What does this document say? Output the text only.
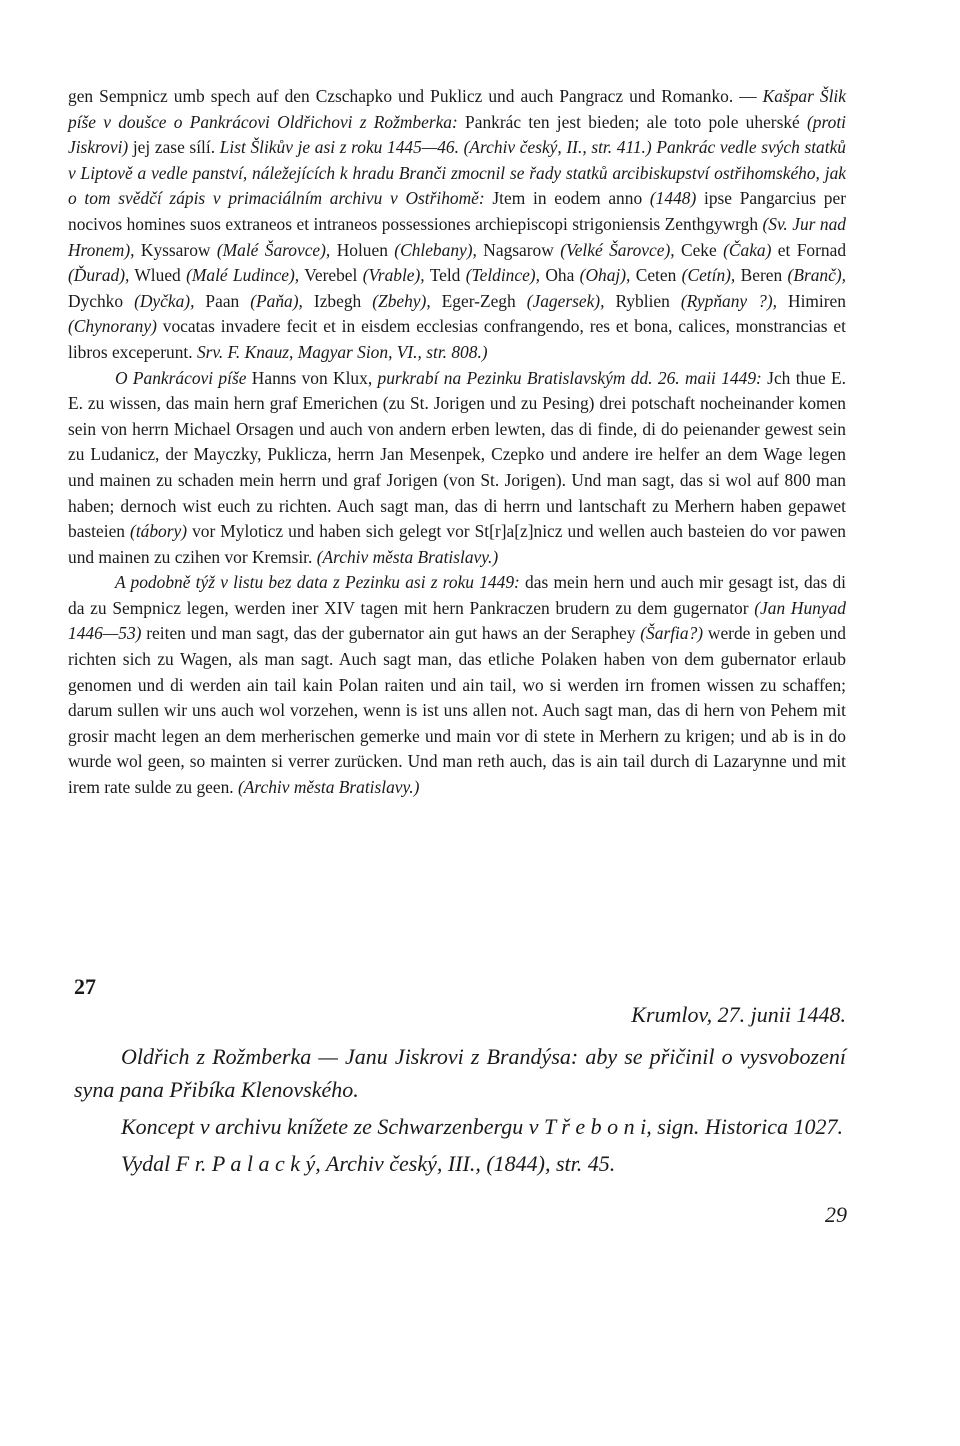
gen Sempnicz umb spech auf den Czschapko und Puklicz und auch Pangracz und Romanko. — Kašpar Šlik píše v doušce o Pankrácovi Oldřichovi z Rožmberka: Pankrác ten jest bieden; ale toto pole uherské (proti Jiskrovi) jej zase sílí. List Šlikův je asi z roku 1445—46. (Archiv český, II., str. 411.) Pankrác vedle svých statků v Liptově a vedle panství, náležejících k hradu Branči zmocnil se řady statků arcibiskupství ostřihomského, jak o tom svědčí zápis v primaciálním archivu v Ostřihomě: Jtem in eodem anno (1448) ipse Pangarcius per nocivos homines suos extraneos et intraneos possessiones archiepiscopi strigoniensis Zenthgywrgh (Sv. Jur nad Hronem), Kyssarow (Malé Šarovce), Holuen (Chlebany), Nagsarow (Velké Šarovce), Ceke (Čaka) et Fornad (Ďurad), Wlued (Malé Ludince), Verebel (Vrable), Teld (Teldince), Oha (Ohaj), Ceten (Cetín), Beren (Branč), Dychko (Dyčka), Paan (Paňa), Izbegh (Zbehy), Eger-Zegh (Jagersek), Ryblien (Rypňany ?), Himiren (Chynorany) vocatas invadere fecit et in eisdem ecclesias confrangendo, res et bona, calices, monstrancias et libros exceperunt. Srv. F. Knauz, Magyar Sion, VI., str. 808.)

O Pankrácovi píše Hanns von Klux, purkrabí na Pezinku Bratislavským dd. 26. maii 1449: Jch thue E. E. zu wissen, das main hern graf Emerichen (zu St. Jorigen und zu Pesing) drei potschaft nocheinander komen sein von herrn Michael Orsagen und auch von andern erben lewten, das di finde, di do peienander gewest sein zu Ludanicz, der Mayczky, Puklicza, herrn Jan Mesenpek, Czepko und andere ire helfer an dem Wage legen und mainen zu schaden mein herrn und graf Jorigen (von St. Jorigen). Und man sagt, das si wol auf 800 man haben; dernoch wist euch zu richten. Auch sagt man, das di herrn und lantschaft zu Merhern haben gepawet basteien (tábory) vor Myloticz und haben sich gelegt vor St[r]a[z]nicz und wellen auch basteien do vor pawen und mainen zu czihen vor Kremsir. (Archiv města Bratislavy.)

A podobně týž v listu bez data z Pezinku asi z roku 1449: das mein hern und auch mir gesagt ist, das di da zu Sempnicz legen, werden iner XIV tagen mit hern Pankraczen brudern zu dem gugernator (Jan Hunyad 1446—53) reiten und man sagt, das der gubernator ain gut haws an der Seraphey (Šarfia?) werde in geben und richten sich zu Wagen, als man sagt. Auch sagt man, das etliche Polaken haben von dem gubernator erlaub genomen und di werden ain tail kain Polan raiten und ain tail, wo si werden irn fromen wissen zu schaffen; darum sullen wir uns auch wol vorzehen, wenn is ist uns allen not. Auch sagt man, das di hern von Pehem mit grosir macht legen an dem merherischen gemerke und main vor di stete in Merhern zu krigen; und ab is in do wurde wol geen, so mainten si verrer zurücken. Und man reth auch, das is ain tail durch di Lazarynne und mit irem rate sulde zu geen. (Archiv města Bratislavy.)

27

Oldřich z Rožmberka — Janu Jiskrovi z Brandýsa: aby se přičinil o vysvobození syna pana Přibíka Klenovského.

Koncept v archivu knížete ze Schwarzenbergu v T ř e b o n i, sign. Historica 1027.

Vydal F r. P a l a c k ý, Archiv český, III., (1844), str. 45.

Krumlov, 27. junii 1448.

29
